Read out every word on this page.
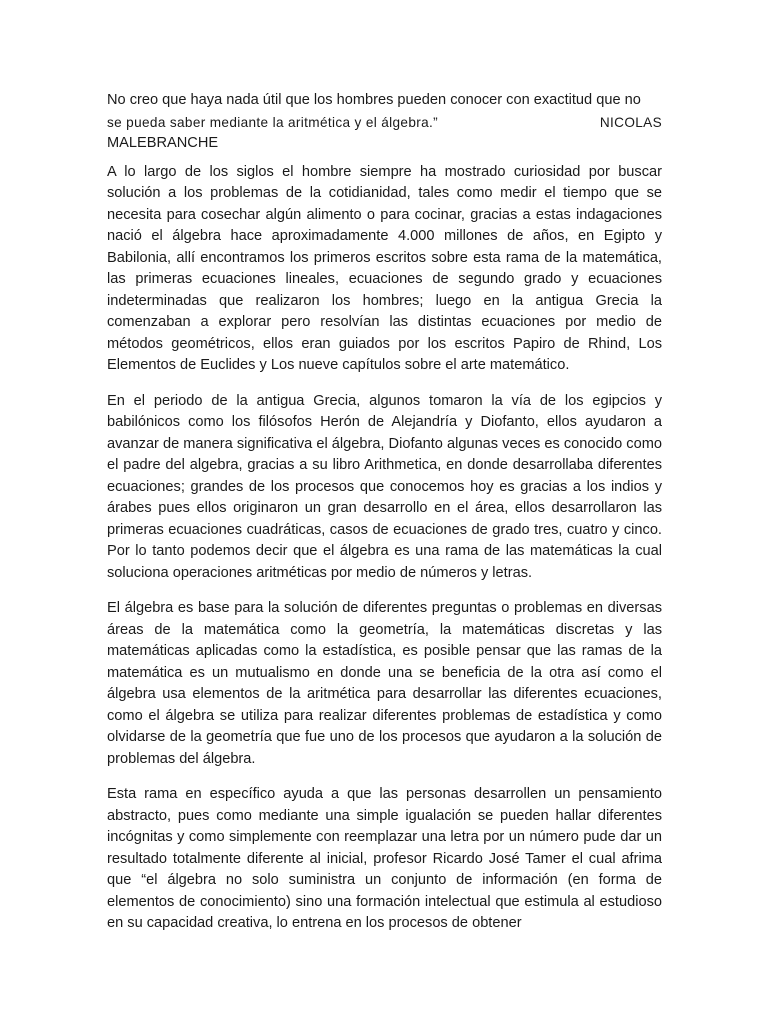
No creo que haya nada útil que los hombres pueden conocer con exactitud que no
se pueda saber mediante la aritmética y el álgebra.”	NICOLAS
MALEBRANCHE

A lo largo de los siglos el hombre siempre ha mostrado curiosidad por buscar solución a los problemas de la cotidianidad, tales como medir el tiempo que se necesita para cosechar algún alimento o para cocinar, gracias a estas indagaciones nació el álgebra hace aproximadamente 4.000 millones de años, en Egipto y Babilonia, allí encontramos los primeros escritos sobre esta rama de la matemática, las primeras ecuaciones lineales, ecuaciones de segundo grado y ecuaciones indeterminadas que realizaron los hombres; luego en la antigua Grecia la comenzaban a explorar pero resolvían las distintas ecuaciones por medio de métodos geométricos, ellos eran guiados por los escritos Papiro de Rhind, Los Elementos de Euclides y Los nueve capítulos sobre el arte matemático.

En el periodo de la antigua Grecia, algunos tomaron la vía de los egipcios y babilónicos como los filósofos Herón de Alejandría y Diofanto, ellos ayudaron a avanzar de manera significativa el álgebra, Diofanto algunas veces es conocido como el padre del algebra, gracias a su libro Arithmetica, en donde desarrollaba diferentes ecuaciones; grandes de los procesos que conocemos hoy es gracias a los indios y árabes pues ellos originaron un gran desarrollo en el área, ellos desarrollaron las primeras ecuaciones cuadráticas, casos de ecuaciones de grado tres, cuatro y cinco. Por lo tanto podemos decir que el álgebra es una rama de las matemáticas la cual soluciona operaciones aritméticas por medio de números y letras.

El álgebra es base para la solución de diferentes preguntas o problemas en diversas áreas de la matemática como la geometría, la matemáticas discretas y las matemáticas aplicadas como la estadística, es posible pensar que las ramas de la matemática es un mutualismo en donde una se beneficia de la otra así como el álgebra usa elementos de la aritmética para desarrollar las diferentes ecuaciones, como el álgebra se utiliza para realizar diferentes problemas de estadística y como olvidarse de la geometría que fue uno de los procesos que ayudaron a la solución de problemas del álgebra.

Esta rama en específico ayuda a que las personas desarrollen un pensamiento abstracto, pues como mediante una simple igualación se pueden hallar diferentes incógnitas y como simplemente con reemplazar una letra por un número pude dar un resultado totalmente diferente al inicial, profesor Ricardo José Tamer el cual afrima que “el álgebra no solo suministra un conjunto de información (en forma de elementos de conocimiento) sino una formación intelectual que estimula al estudioso en su capacidad creativa, lo entrena en los procesos de obtener
